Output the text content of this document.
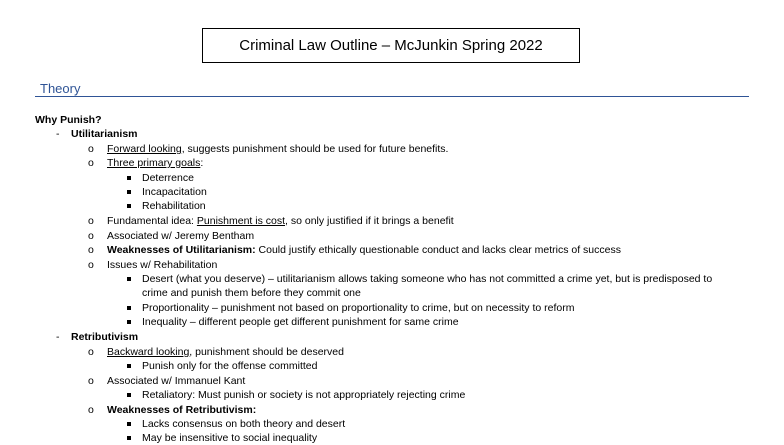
Criminal Law Outline – McJunkin Spring 2022
Theory
Why Punish?
- Utilitarianism
o Forward looking, suggests punishment should be used for future benefits.
o Three primary goals:
Deterrence
Incapacitation
Rehabilitation
o Fundamental idea: Punishment is cost, so only justified if it brings a benefit
o Associated w/ Jeremy Bentham
o Weaknesses of Utilitarianism: Could justify ethically questionable conduct and lacks clear metrics of success
o Issues w/ Rehabilitation
Desert (what you deserve) – utilitarianism allows taking someone who has not committed a crime yet, but is predisposed to
crime and punish them before they commit one
Proportionality – punishment not based on proportionality to crime, but on necessity to reform
Inequality – different people get different punishment for same crime
- Retributivism
o Backward looking, punishment should be deserved
Punish only for the offense committed
o Associated w/ Immanuel Kant
Retaliatory: Must punish or society is not appropriately rejecting crime
o Weaknesses of Retributivism:
Lacks consensus on both theory and desert
May be insensitive to social inequality
